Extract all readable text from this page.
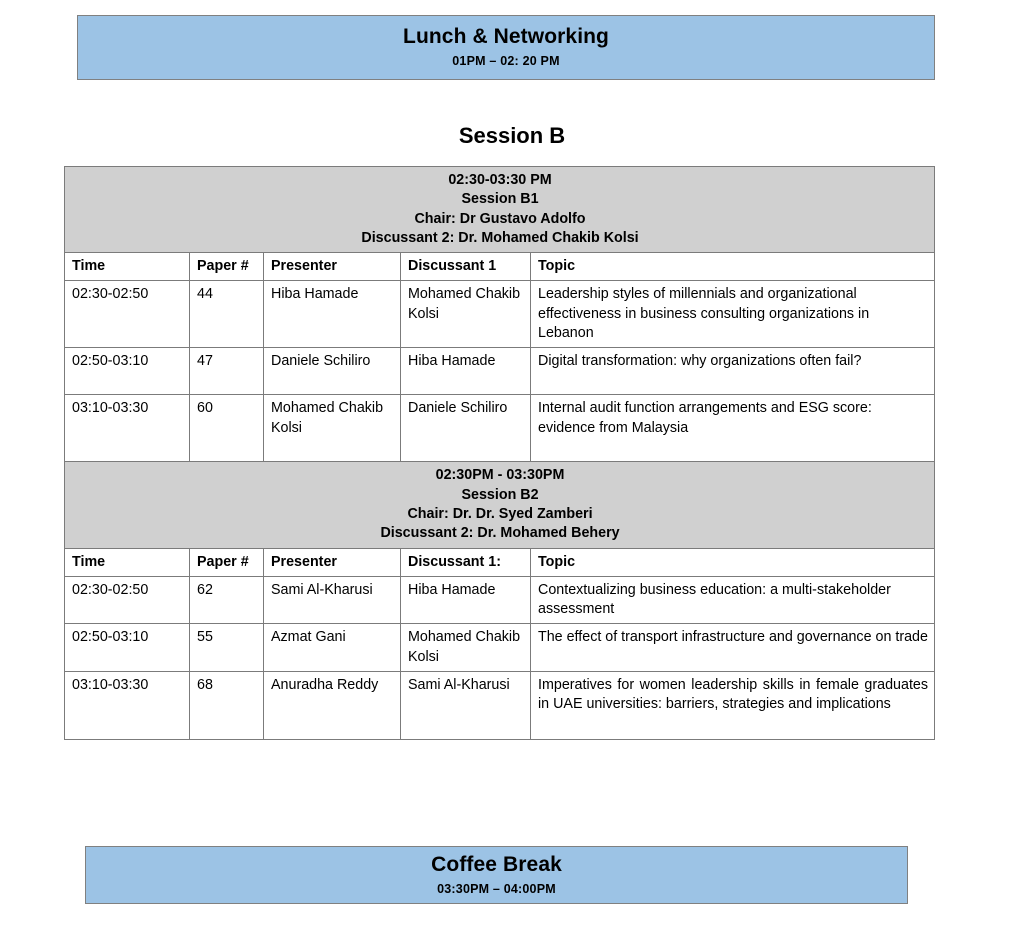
Lunch & Networking
01PM – 02: 20 PM
Session B
02:30-03:30 PM
Session B1
Chair: Dr Gustavo Adolfo
Discussant 2: Dr. Mohamed Chakib Kolsi				

Time	Paper #	Presenter	Discussant 1	Topic
02:30-02:50	44	Hiba Hamade	Mohamed Chakib Kolsi	Leadership styles of millennials and organizational effectiveness in business consulting organizations in Lebanon
02:50-03:10	47	Daniele Schiliro	Hiba Hamade	Digital transformation: why organizations often fail?
03:10-03:30	60	Mohamed Chakib Kolsi	Daniele Schiliro	Internal audit function arrangements and ESG score: evidence from Malaysia

02:30PM - 03:30PM
Session B2
Chair: Dr. Dr. Syed Zamberi
Discussant 2: Dr. Mohamed Behery				

Time	Paper #	Presenter	Discussant 1:	Topic
02:30-02:50	62	Sami Al-Kharusi	Hiba Hamade	Contextualizing business education: a multi-stakeholder assessment
02:50-03:10	55	Azmat Gani	Mohamed Chakib Kolsi	The effect of transport infrastructure and governance on trade
03:10-03:30	68	Anuradha Reddy	Sami Al-Kharusi	Imperatives for women leadership skills in female graduates in UAE universities: barriers, strategies and implications
Coffee Break
03:30PM – 04:00PM
